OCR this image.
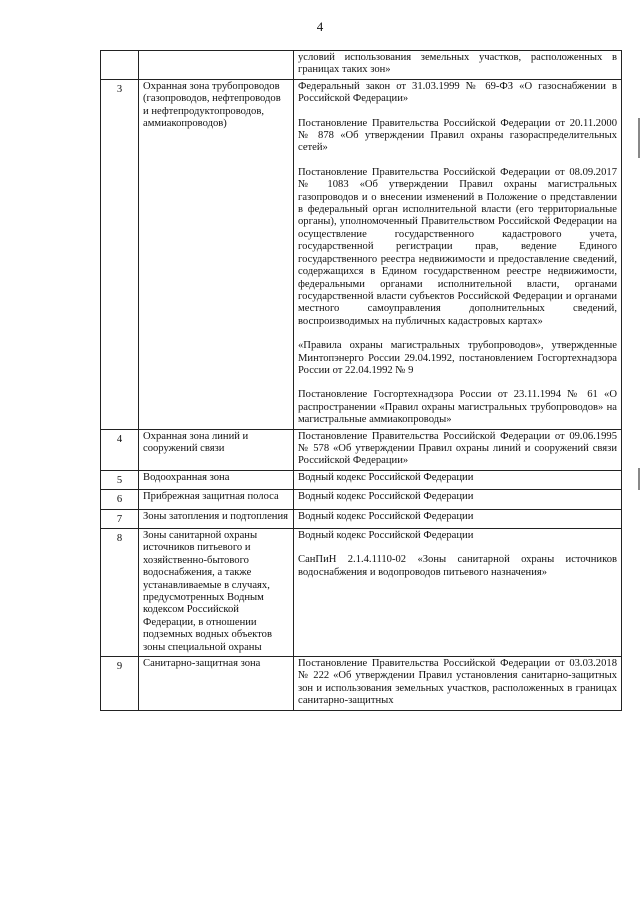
4

		условий использования земельных участков, расположенных в границах таких зон»

3	Охранная зона трубопроводов (газопроводов, нефтепроводов и нефтепродуктопроводов, аммиакопроводов)	Федеральный закон от 31.03.1999 № 69-ФЗ «О газоснабжении в Российской Федерации»

Постановление Правительства Российской Федерации от 20.11.2000 № 878 «Об утверждении Правил охраны газораспределительных сетей»

Постановление Правительства Российской Федерации от 08.09.2017 № 1083 «Об утверждении Правил охраны магистральных газопроводов и о внесении изменений в Положение о представлении в федеральный орган исполнительной власти (его территориальные органы), уполномоченный Правительством Российской Федерации на осуществление государственного кадастрового учета, государственной регистрации прав, ведение Единого государственного реестра недвижимости и предоставление сведений, содержащихся в Едином государственном реестре недвижимости, федеральными органами исполнительной власти, органами государственной власти субъектов Российской Федерации и органами местного самоуправления дополнительных сведений, воспроизводимых на публичных кадастровых картах»

«Правила охраны магистральных трубопроводов», утвержденные Минтопэнерго России 29.04.1992, постановлением Госгортехнадзора России от 22.04.1992 № 9

Постановление Госгортехнадзора России от 23.11.1994 № 61 «О распространении «Правил охраны магистральных трубопроводов» на магистральные аммиакопроводы»

4	Охранная зона линий и сооружений связи	Постановление Правительства Российской Федерации от 09.06.1995 № 578 «Об утверждении Правил охраны линий и сооружений связи Российской Федерации»

5	Водоохранная зона	Водный кодекс Российской Федерации

6	Прибрежная защитная полоса	Водный кодекс Российской Федерации

7	Зоны затопления и подтопления	Водный кодекс Российской Федерации

8	Зоны санитарной охраны источников питьевого и хозяйственно-бытового водоснабжения, а также устанавливаемые в случаях, предусмотренных Водным кодексом Российской Федерации, в отношении подземных водных объектов зоны специальной охраны	Водный кодекс Российской Федерации

СанПиН 2.1.4.1110-02 «Зоны санитарной охраны источников водоснабжения и водопроводов питьевого назначения»

9	Санитарно-защитная зона	Постановление Правительства Российской Федерации от 03.03.2018 № 222 «Об утверждении Правил установления санитарно-защитных зон и использования земельных участков, расположенных в границах санитарно-защитных
